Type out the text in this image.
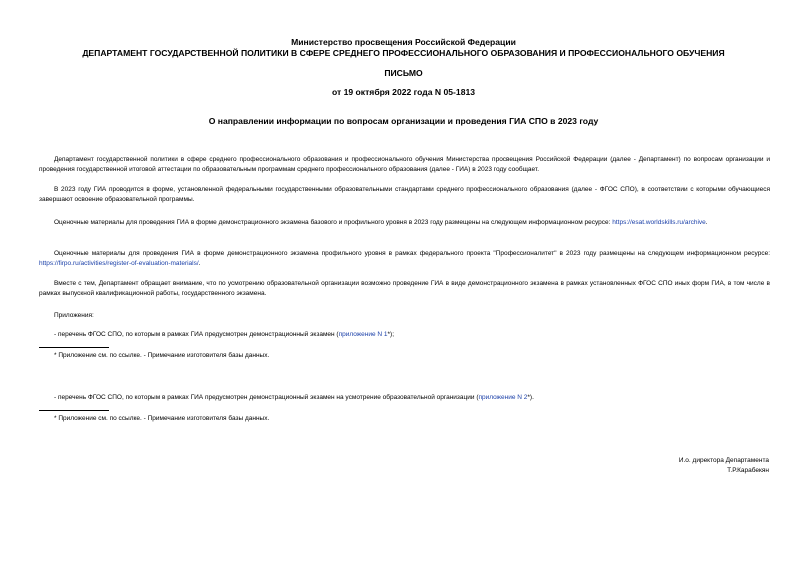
Министерство просвещения Российской Федерации
ДЕПАРТАМЕНТ ГОСУДАРСТВЕННОЙ ПОЛИТИКИ В СФЕРЕ СРЕДНЕГО ПРОФЕССИОНАЛЬНОГО ОБРАЗОВАНИЯ И ПРОФЕССИОНАЛЬНОГО ОБУЧЕНИЯ
ПИСЬМО
от 19 октября 2022 года N 05-1813
О направлении информации по вопросам организации и проведения ГИА СПО в 2023 году
Департамент государственной политики в сфере среднего профессионального образования и профессионального обучения Министерства просвещения Российской Федерации (далее - Департамент) по вопросам организации и проведения государственной итоговой аттестации по образовательным программам среднего профессионального образования (далее - ГИА) в 2023 году сообщает.
В 2023 году ГИА проводится в форме, установленной федеральными государственными образовательными стандартами среднего профессионального образования (далее - ФГОС СПО), в соответствии с которыми обучающиеся завершают освоение образовательной программы.
Оценочные материалы для проведения ГИА в форме демонстрационного экзамена базового и профильного уровня в 2023 году размещены на следующем информационном ресурсе: https://esat.worldskills.ru/archive.
Оценочные материалы для проведения ГИА в форме демонстрационного экзамена профильного уровня в рамках федерального проекта "Профессионалитет" в 2023 году размещены на следующем информационном ресурсе: https://firpo.ru/activities/register-of-evaluation-materials/.
Вместе с тем, Департамент обращает внимание, что по усмотрению образовательной организации возможно проведение ГИА в виде демонстрационного экзамена в рамках установленных ФГОС СПО иных форм ГИА, в том числе в рамках выпускной квалификационной работы, государственного экзамена.
Приложения:
- перечень ФГОС СПО, по которым в рамках ГИА предусмотрен демонстрационный экзамен (приложение N 1*);
* Приложение см. по ссылке. - Примечание изготовителя базы данных.
- перечень ФГОС СПО, по которым в рамках ГИА предусмотрен демонстрационный экзамен на усмотрение образовательной организации (приложение N 2*).
* Приложение см. по ссылке. - Примечание изготовителя базы данных.
И.о. директора Департамента
Т.Р.Карабекян
